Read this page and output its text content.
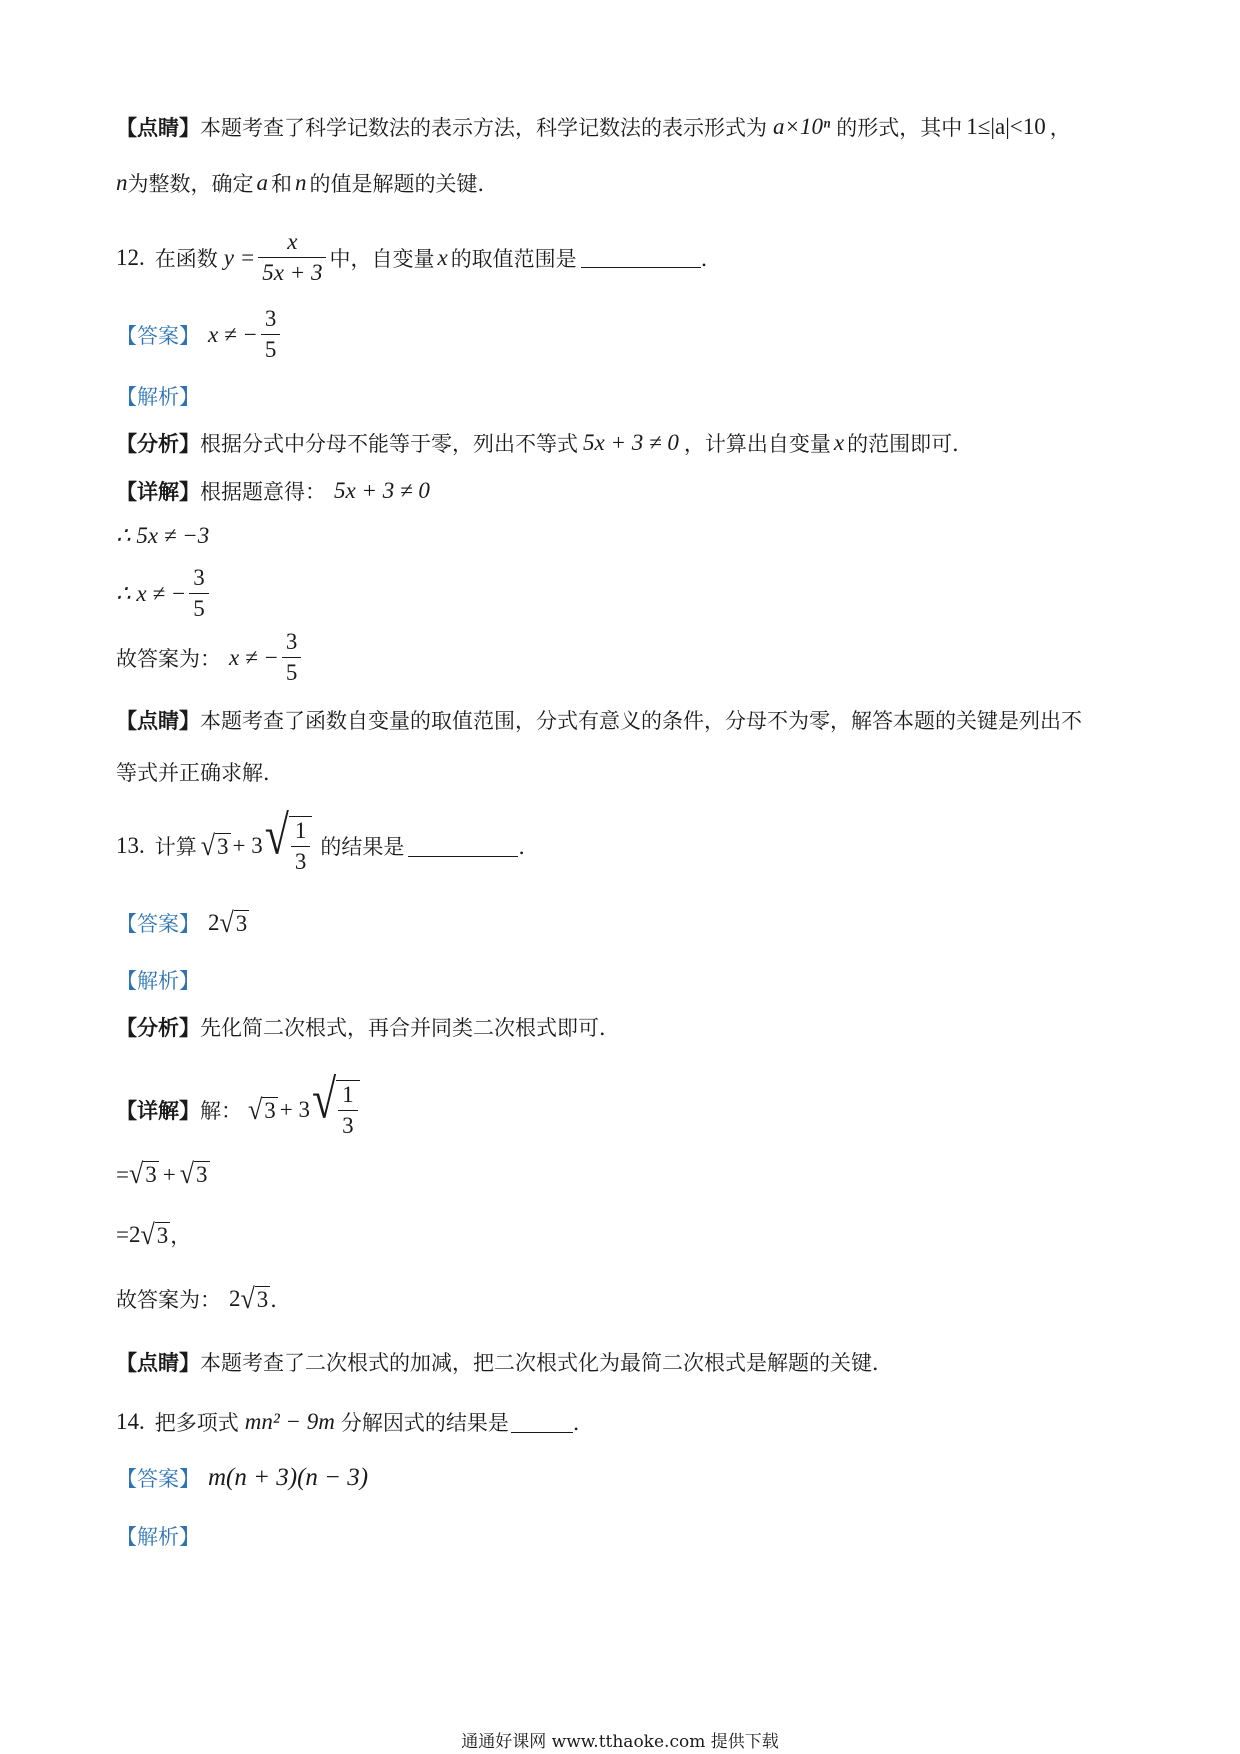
【点睛】 本题考查了科学记数法的表示方法，科学记数法的表示形式为 a×10ⁿ 的形式，其中 1≤|a|<10 ，
n 为整数，确定 a 和 n 的值是解题的关键．
12. 在函数 $y = \frac{x}{5x + 3}$ 中，自变量 x 的取值范围是	．
【答案】 x ≠ − $\frac{3}{5}$
【解析】
【分析】 根据分式中分母不能等于零，列出不等式 5x + 3 ≠ 0 ，计算出自变量 x 的范围即可．
【详解】 根据题意得： 5x + 3 ≠ 0
∴ 5x ≠ −3
∴ x ≠ − $\frac{3}{5}$
故答案为： x ≠ − $\frac{3}{5}$
【点睛】 本题考查了函数自变量的取值范围，分式有意义的条件，分母不为零，解答本题的关键是列出不
等式并正确求解．
13. 计算 √ 3 + 3 √ $\frac{1}{3}$ 的结果是	．
【答案】 2 √ 3
【解析】
【分析】 先化简二次根式，再合并同类二次根式即可．
【详解】 解： √ 3 + 3 √ $\frac{1}{3}$
= √ 3 + √ 3
=2 √ 3 ，
故答案为： 2 √ 3 ．
【点睛】 本题考查了二次根式的加减，把二次根式化为最简二次根式是解题的关键．
14. 把多项式 mn² − 9m 分解因式的结果是	．
【答案】 m(n + 3)(n − 3)
【解析】
通通好课网 www.tthaoke.com 提供下载
